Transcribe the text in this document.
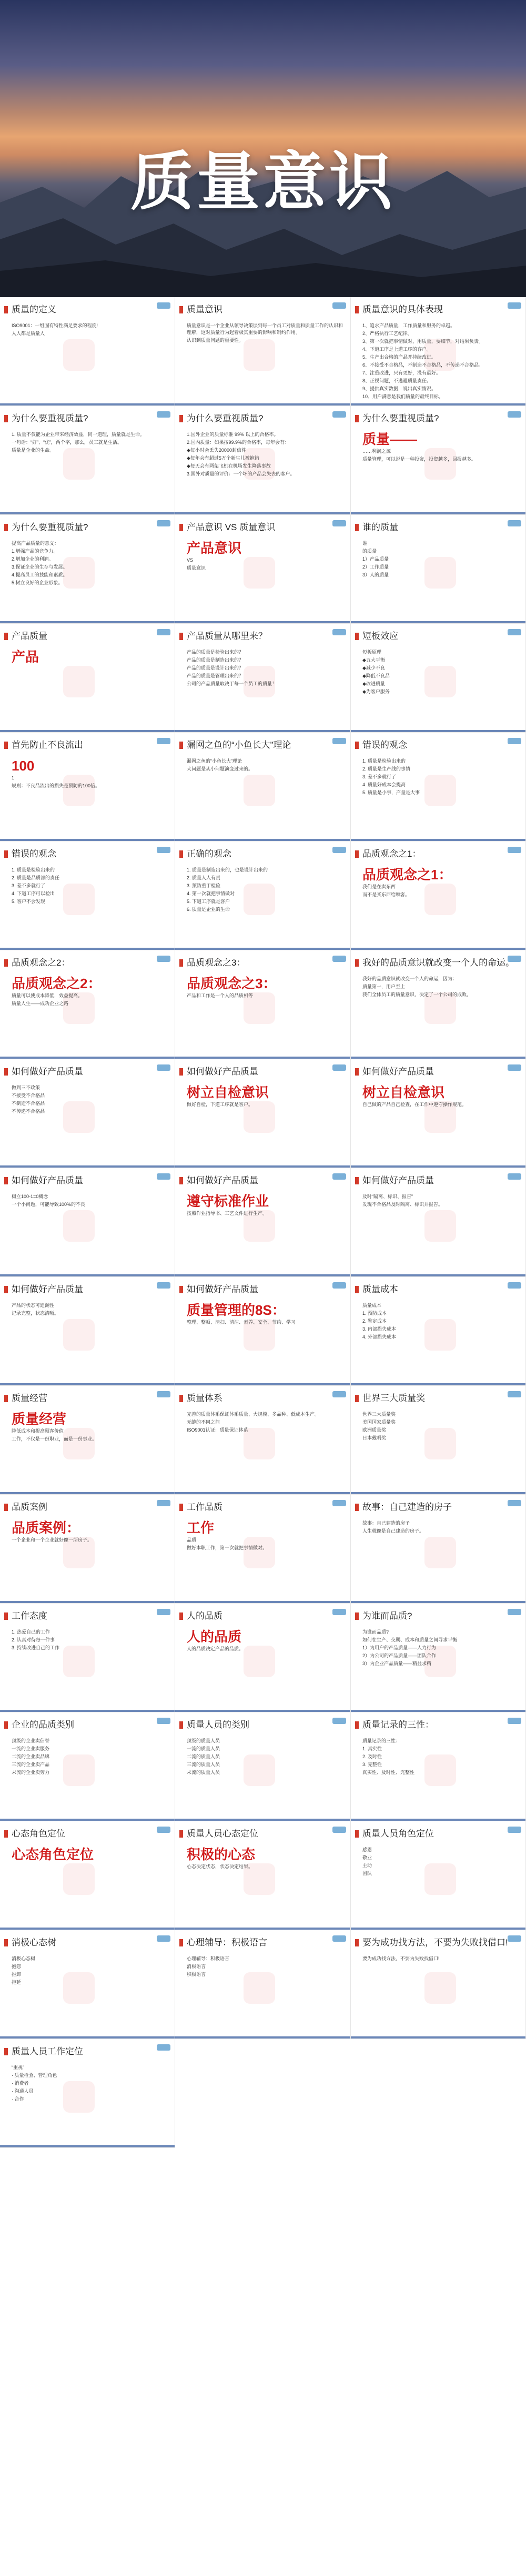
质量意识
质量的定义
ISO9001：一组固有特性满足要求的程度!
人人都是质量人
质量意识
质量意识是一个企业从领导决策层到每一个员工对质量和质量工作的认识和理解，这对质量行为起着极其重要的影响和制约作用。
认识到质量问题的重要性。
质量意识的具体表现
1、追求产品质量，工作质量和服务的卓越。
2、严格执行工艺纪律。
3、第一次就把事情做对，用质量，要细节，对结果负责。
4、下道工序是上道工序的客户。
5、生产出合格的产品并持续改进。
6、不接受不合格品，不制造不合格品，不传递不合格品。
7、注重改进，只有更好，没有最好。
8、正视问题，不逃避质量责任。
9、提供真实数据，说出真实情况。
10、用户满意是我们质量的最终目标。
为什么要重视质量?
1. 质量不仅能为企业带来经济效益，同一道理，质量就是生命。
一句话：“好”、“优”，两个字，那么，员工就是生活。
质量是企业的生命。
为什么要重视质量?
1.国外企业的质量标准 99% 以上的合格率。
2.国内质量：如果按99.9%的合格率，每年会有：
◆每小时会丢失20000封信件
◆每年会有超过5万个新生儿被抱错
◆每天会有两架飞机在机场发生降落事故
3.国外对质量的评价：一个坏的产品会失去的客户。
为什么要重视质量?
质量——
……利润之源
质量管理，可以说是一种投资，投资越多，回报越多。
为什么要重视质量?
提高产品质量的意义：
1.增强产品的竞争力。
2.增加企业的利润。
3.保证企业的生存与发展。
4.提高员工的技能和素质。
5.树立良好的企业形象。
产品意识 VS 质量意识
产品意识
VS
质量意识
谁的质量
谁
的质量
1）产品质量
2）工作质量
3）人的质量
产品质量
产品
产品质量从哪里来？
产品的质量是检验出来的？
产品的质量是制造出来的？
产品的质量是设计出来的？
产品的质量是管理出来的？
公司的产品质量取决于每一个员工的质量！
短板效应
短板原理
◆五大平衡
◆减少不良
◆降低不良品
◆改进质量
◆为客户服务
首先防止不良流出
100
1
规则：不良品流出的损失是预防的100倍。
漏网之鱼的“小鱼长大”理论
漏网之鱼的“小鱼长大”理论
大问题是从小问题演变过来的。
错误的观念
1. 质量是检验出来的
2. 质量是生产线的事情
3. 差不多就行了
4. 质量好成本会提高
5. 质量是小事，产量是大事
错误的观念
1. 质量是检验出来的
2. 质量是品质部的责任
3. 差不多就行了
4. 下道工序可以检出
5. 客户不会发现
正确的观念
1. 质量是制造出来的，也是设计出来的
2. 质量人人有责
3. 预防重于检验
4. 第一次就把事情做对
5. 下道工序就是客户
6. 质量是企业的生命
品质观念之1：
品质观念之1：
我们是在卖东西
而不是买东西给顾客。
品质观念之2：
品质观念之2：
质量可以使成本降低，效益提高。
质量人生——成功企业之路
品质观念之3：
品质观念之3：
产品和工作是一个人的品质相等
我好的品质意识就改变一个人的命运。
我好的品质意识就改变一个人的命运，因为：
质量第一，用户至上
我们全体员工的质量意识，决定了一个公司的成败。
如何做好产品质量
做到三不政策
不接受不合格品
不制造不合格品
不传递不合格品
如何做好产品质量
树立自检意识
做好自检，下道工序就是客户。
如何做好产品质量
树立自检意识
自己做的产品自己检查，在工作中遵守操作规范。
如何做好产品质量
树立100-1=0概念
一个小问题，可能导致100%的不良
如何做好产品质量
遵守标准作业
按照作业指导书、工艺文件进行生产。
如何做好产品质量
及时“隔离、标识、报告”
发现不合格品及时隔离、标识并报告。
如何做好产品质量
产品的状态可追溯性
记录完整，状态清晰。
如何做好产品质量
质量管理的8S：
整理、整顿、清扫、清洁、素养、安全、节约、学习
质量成本
质量成本
1. 预防成本
2. 鉴定成本
3. 内部损失成本
4. 外部损失成本
质量经营
质量经营
降低成本和提高顾客价值
工作，不仅是一份职业，而是一份事业。
质量体系
完善的质量体系保证体系质量、大规模、多品种、低成本生产。
无缝的不同之间
ISO9001认证：质量保证体系
世界三大质量奖
世界三大质量奖
美国国家质量奖
欧洲质量奖
日本戴明奖
品质案例
品质案例：
一个企业和一个企业就好像一所房子。
工作品质
工作
品质
做好本职工作，第一次就把事情做对。
故事：自己建造的房子
故事：自己建造的房子
人生就像是自己建造的房子。
工作态度
1. 热爱自己的工作
2. 认真对待每一件事
3. 持续改进自己的工作
人的品质
人的品质
人的品质决定产品的品质。
为谁而品质?
为谁而品质?
如何在生产、交期、成本和质量之间寻求平衡
1）为用户的产品质量——人力行为
2）为公司的产品质量——团队合作
3）为企业产品质量——精益求精
企业的品质类别
顶级的企业卖信誉
一流的企业卖服务
二流的企业卖品牌
三流的企业卖产品
末流的企业卖劳力
质量人员的类别
顶级的质量人员
一流的质量人员
二流的质量人员
三流的质量人员
末流的质量人员
质量记录的三性：
质量记录的三性：
1. 真实性
2. 及时性
3. 完整性
真实性、及时性、完整性
心态角色定位
心态角色定位
质量人员心态定位
积极的心态
心态决定状态，状态决定结果。
质量人员角色定位
感恩
敬业
主动
团队
消极心态树
消极心态树
抱怨
推卸
拖延
心理辅导：积极语言
心理辅导：积极语言
消极语言
积极语言
要为成功找方法，不要为失败找借口!
要为成功找方法，不要为失败找借口!
质量人员工作定位
“重视”
· 质量检验、管理角色
· 消费者
· 沟通人员
· 合作
